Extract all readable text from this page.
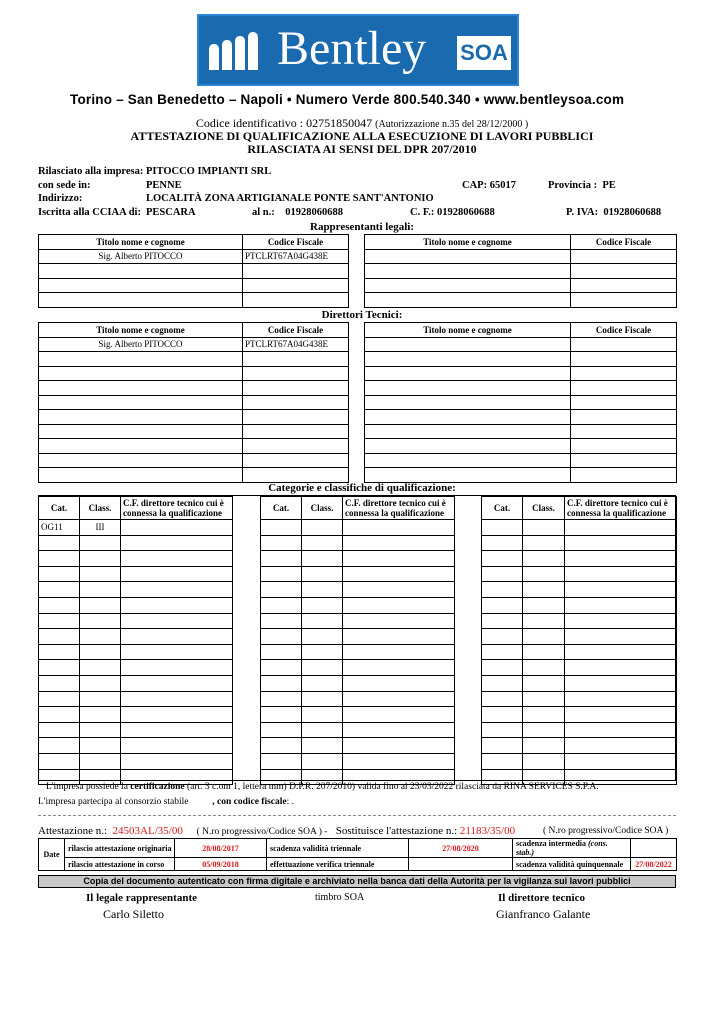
Bentley SOA
Torino – San Benedetto – Napoli • Numero Verde 800.540.340 • www.bentleysoa.com
Codice identificativo : 02751850047 (Autorizzazione n.35 del 28/12/2000 )
ATTESTAZIONE DI QUALIFICAZIONE ALLA ESECUZIONE DI LAVORI PUBBLICI
RILASCIATA AI SENSI DEL DPR 207/2010
Rilasciato alla impresa: PITOCCO IMPIANTI SRL
con sede in:	PENNE	CAP: 65017	Provincia : PE
Indirizzo:	LOCALITÀ ZONA ARTIGIANALE PONTE SANT'ANTONIO
Iscritta alla CCIAA di: PESCARA	al n.: 01928060688	C. F.: 01928060688	P. IVA: 01928060688
Rappresentanti legali:
Titolo nome e cognome	Codice Fiscale
Sig. Alberto PITOCCO	PTCLRT67A04G438E

Titolo nome e cognome	Codice Fiscale

Direttori Tecnici:
Titolo nome e cognome	Codice Fiscale
Sig. Alberto PITOCCO	PTCLRT67A04G438E

Titolo nome e cognome	Codice Fiscale

Categorie e classifiche di qualificazione:
Cat.	Class.	C.F. direttore tecnico cui è
connessa la qualificazione

OG11	III	

Cat.	Class.	C.F. direttore tecnico cui è
connessa la qualificazione

			Cat.	Class.	C.F. direttore tecnico cui è
connessa la qualificazione

L'impresa possiede la certificazione (art. 3 c.om 1, lettera mm) D.P.R. 207/2010) valida fino al 23/03/2022 rilasciata da RINA SERVICES S.P.A.
L'impresa partecipa al consorzio stabile	, con codice fiscale: .
Attestazione n.: 24503AL/35/00 ( N.ro progressivo/Codice SOA ) - Sostituisce l'attestazione n.: 21183/35/00	( N.ro progressivo/Codice SOA )
Date	rilascio attestazione originaria	28/08/2017	scadenza validità triennale	27/08/2020	scadenza intermedia (cons. stab.)	
	rilascio attestazione in corso	05/09/2018	effettuazione verifica triennale		scadenza validità quinquennale	27/08/2022
Copia del documento autenticato con firma digitale e archiviato nella banca dati della Autorità per la vigilanza sui lavori pubblici
Il legale rappresentante
Carlo Siletto
timbro SOA	Il direttore tecnico
Gianfranco Galante
